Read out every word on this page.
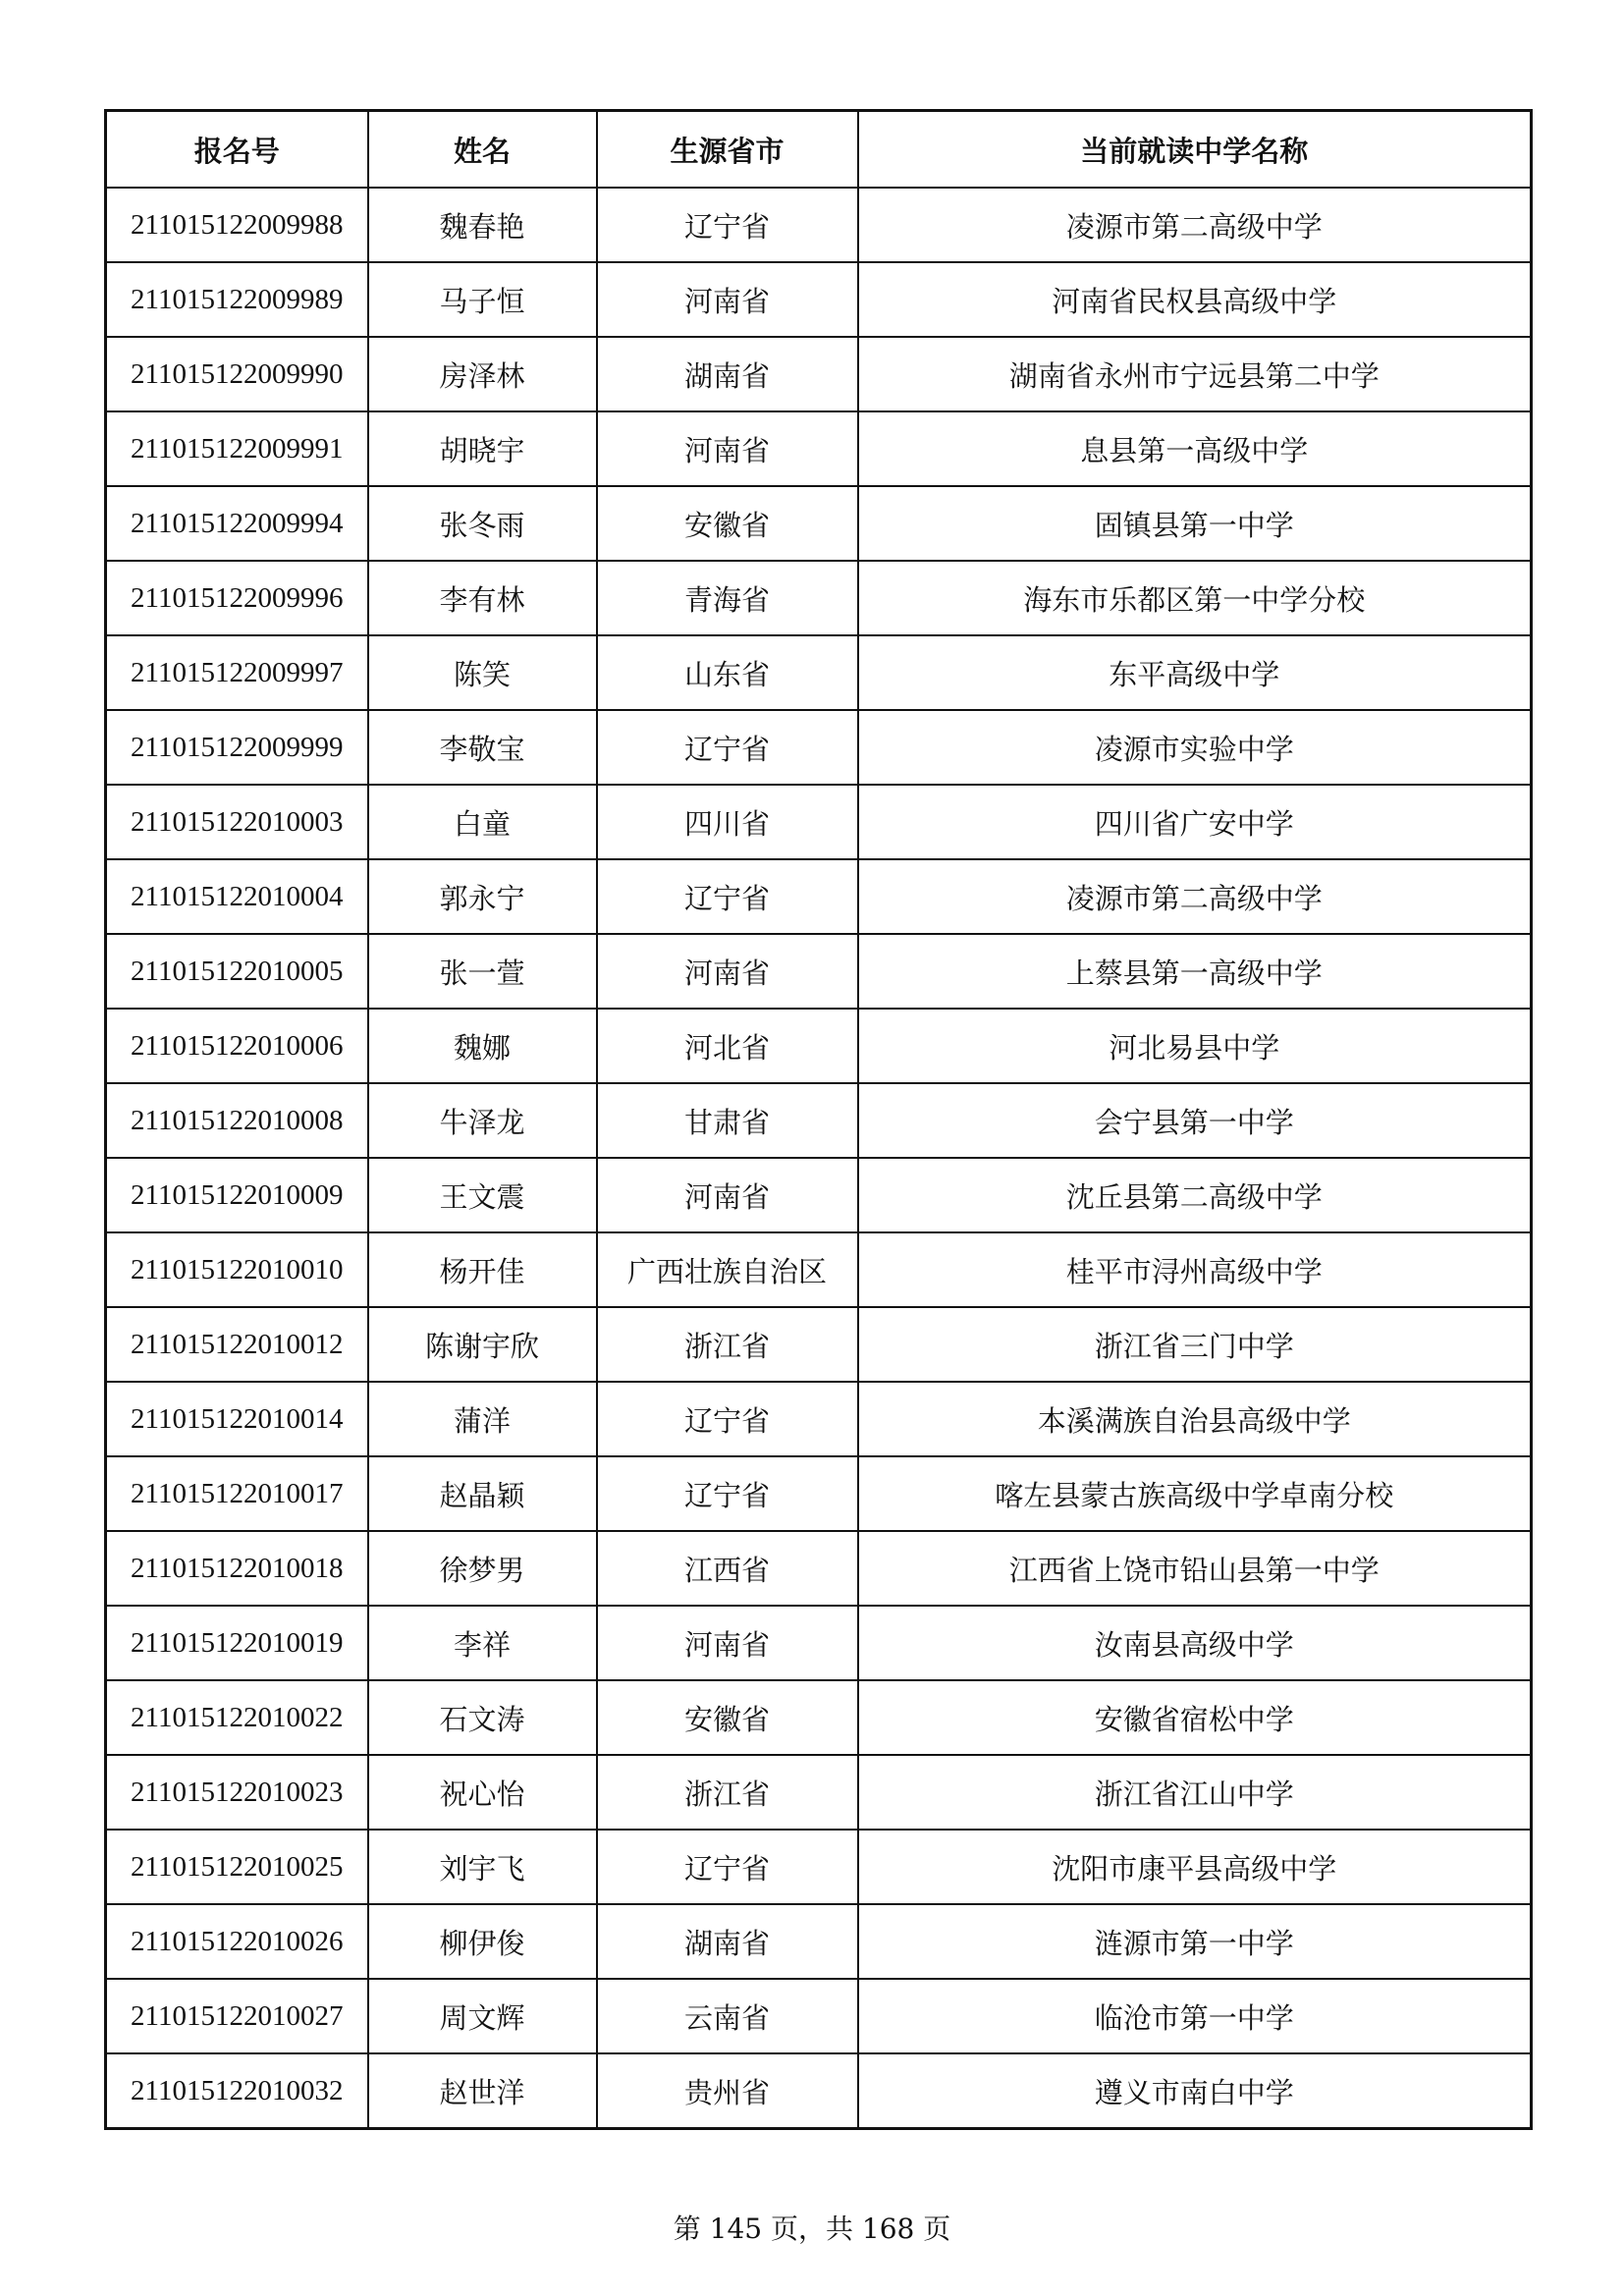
报名号	姓名	生源省市	当前就读中学名称
211015122009988	魏春艳	辽宁省	凌源市第二高级中学
211015122009989	马子恒	河南省	河南省民权县高级中学
211015122009990	房泽林	湖南省	湖南省永州市宁远县第二中学
211015122009991	胡晓宇	河南省	息县第一高级中学
211015122009994	张冬雨	安徽省	固镇县第一中学
211015122009996	李有林	青海省	海东市乐都区第一中学分校
211015122009997	陈笑	山东省	东平高级中学
211015122009999	李敬宝	辽宁省	凌源市实验中学
211015122010003	白童	四川省	四川省广安中学
211015122010004	郭永宁	辽宁省	凌源市第二高级中学
211015122010005	张一萱	河南省	上蔡县第一高级中学
211015122010006	魏娜	河北省	河北易县中学
211015122010008	牛泽龙	甘肃省	会宁县第一中学
211015122010009	王文震	河南省	沈丘县第二高级中学
211015122010010	杨开佳	广西壮族自治区	桂平市浔州高级中学
211015122010012	陈谢宇欣	浙江省	浙江省三门中学
211015122010014	蒲洋	辽宁省	本溪满族自治县高级中学
211015122010017	赵晶颖	辽宁省	喀左县蒙古族高级中学卓南分校
211015122010018	徐梦男	江西省	江西省上饶市铅山县第一中学
211015122010019	李祥	河南省	汝南县高级中学
211015122010022	石文涛	安徽省	安徽省宿松中学
211015122010023	祝心怡	浙江省	浙江省江山中学
211015122010025	刘宇飞	辽宁省	沈阳市康平县高级中学
211015122010026	柳伊俊	湖南省	涟源市第一中学
211015122010027	周文辉	云南省	临沧市第一中学
211015122010032	赵世洋	贵州省	遵义市南白中学
第 145 页，共 168 页
